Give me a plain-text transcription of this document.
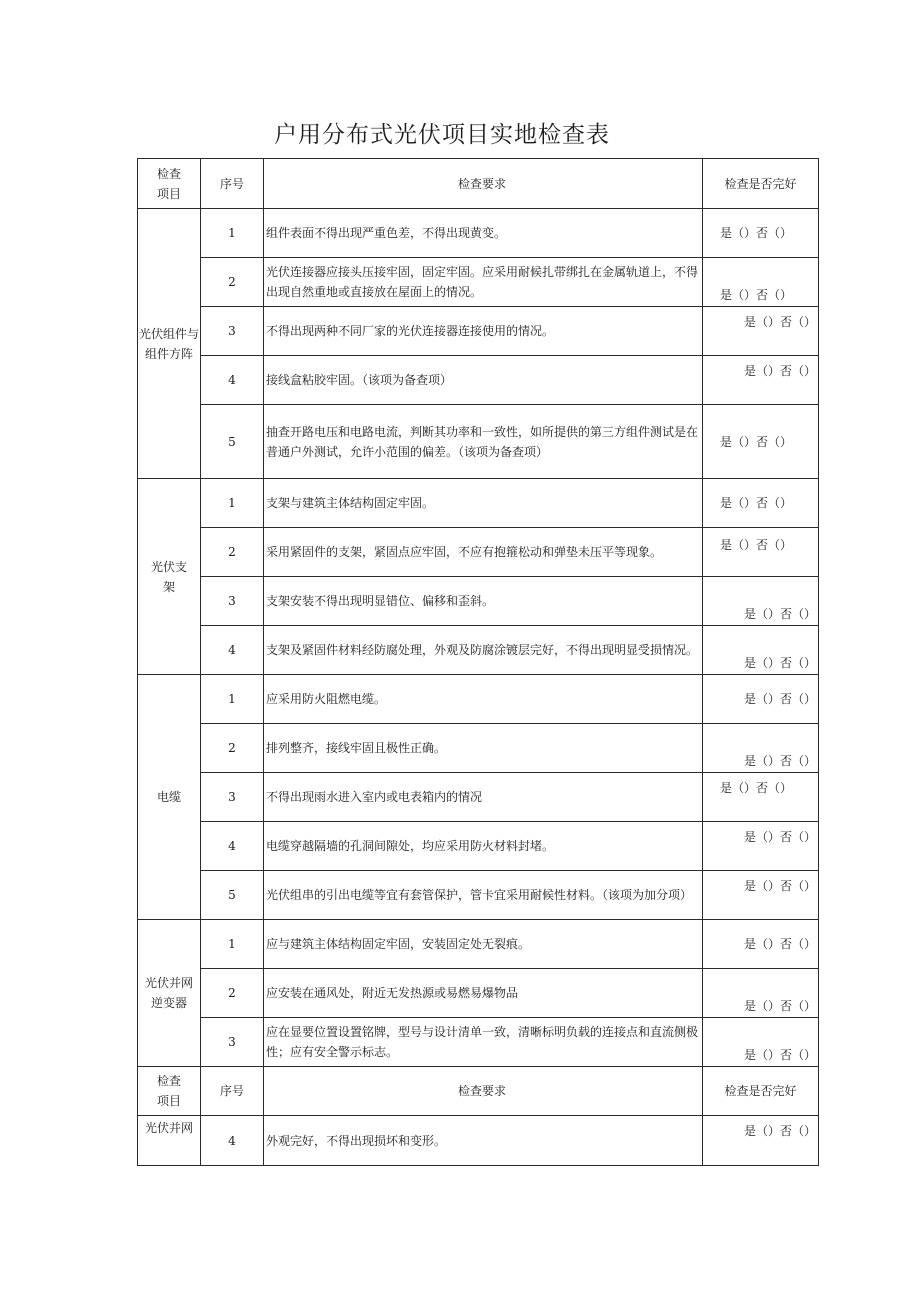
户用分布式光伏项目实地检查表
检查
项目	序号	检查要求	检查是否完好
光伏组件与组件方阵	1	组件表面不得出现严重色差，不得出现黄变。	是（）否（）

	2	光伏连接器应接头压接牢固，固定牢固。应采用耐候扎带绑扎在金属轨道上，不得出现自然重地或直接放在屋面上的情况。	是（）否（）

	3	不得出现两种不同厂家的光伏连接器连接使用的情况。	是（）否（）

	4	接线盒粘胶牢固。（该项为备查项）	是（）否（）

	5	抽查开路电压和电路电流，判断其功率和一致性，如所提供的第三方组件测试是在普通户外测试，允许小范围的偏差。（该项为备查项）	是（）否（）

光伏支架	1	支架与建筑主体结构固定牢固。	是（）否（）

	2	采用紧固件的支架，紧固点应牢固，不应有抱箍松动和弹垫未压平等现象。	是（）否（）

	3	支架安装不得出现明显错位、偏移和歪斜。	是（）否（）

	4	支架及紧固件材料经防腐处理，外观及防腐涂镀层完好，不得出现明显受损情况。	是（）否（）

电缆	1	应采用防火阻燃电缆。	是（）否（）

	2	排列整齐，接线牢固且极性正确。	是（）否（）

	3	不得出现雨水进入室内或电表箱内的情况	是（）否（）

	4	电缆穿越隔墙的孔洞间隙处，均应采用防火材料封堵。	是（）否（）

	5	光伏组串的引出电缆等宜有套管保护，管卡宜采用耐候性材料。（该项为加分项）	是（）否（）

光伏并网逆变器	1	应与建筑主体结构固定牢固，安装固定处无裂痕。	是（）否（）

	2	应安装在通风处，附近无发热源或易燃易爆物品	是（）否（）

	3	应在显要位置设置铭牌，型号与设计清单一致，清晰标明负载的连接点和直流侧极性；应有安全警示标志。	是（）否（）

检查
项目	序号	检查要求	检查是否完好
光伏并网	4	外观完好，不得出现损坏和变形。	是（）否（）
